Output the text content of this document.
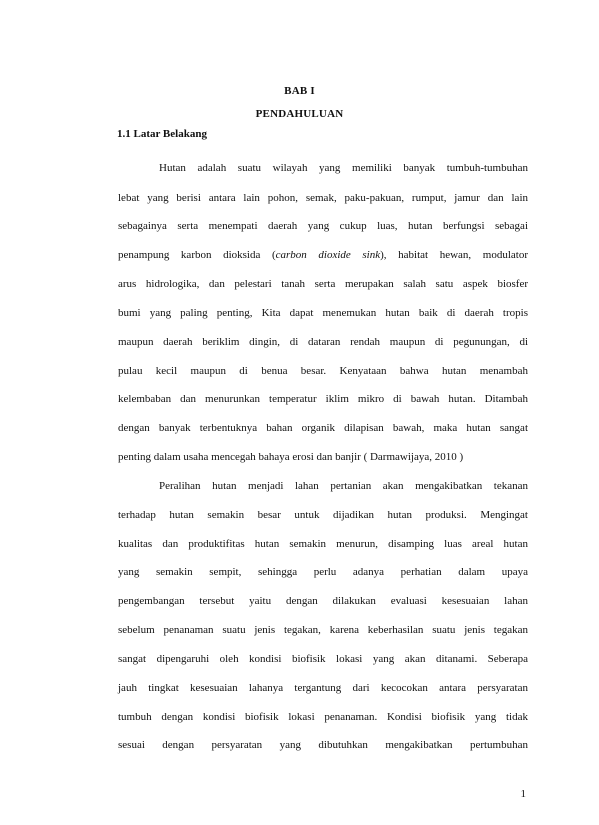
BAB I
PENDAHULUAN
1.1 Latar Belakang
Hutan adalah suatu wilayah yang memiliki banyak tumbuh-tumbuhan
lebat yang berisi antara lain pohon, semak, paku-pakuan, rumput, jamur dan lain
sebagainya serta menempati daerah yang cukup luas, hutan berfungsi sebagai
penampung karbon dioksida (carbon dioxide sink), habitat hewan, modulator
arus hidrologika, dan pelestari tanah serta merupakan salah satu aspek biosfer
bumi yang paling penting, Kita dapat menemukan hutan baik di daerah tropis
maupun daerah beriklim dingin, di dataran rendah maupun di pegunungan, di
pulau kecil maupun di benua besar. Kenyataan bahwa hutan menambah
kelembaban dan menurunkan temperatur iklim mikro di bawah hutan. Ditambah
dengan banyak terbentuknya bahan organik dilapisan bawah, maka hutan sangat
penting dalam usaha mencegah bahaya erosi dan banjir ( Darmawijaya, 2010 )
Peralihan hutan menjadi lahan pertanian akan mengakibatkan tekanan
terhadap hutan semakin besar untuk dijadikan hutan produksi. Mengingat
kualitas dan produktifitas hutan semakin menurun, disamping luas areal hutan
yang semakin sempit, sehingga perlu adanya perhatian dalam upaya
pengembangan tersebut yaitu dengan dilakukan evaluasi kesesuaian lahan
sebelum penanaman suatu jenis tegakan, karena keberhasilan suatu jenis tegakan
sangat dipengaruhi oleh kondisi biofisik lokasi yang akan ditanami. Seberapa
jauh tingkat kesesuaian lahanya tergantung dari kecocokan antara persyaratan
tumbuh dengan kondisi biofisik lokasi penanaman. Kondisi biofisik yang tidak
sesuai dengan persyaratan yang dibutuhkan mengakibatkan pertumbuhan
1
